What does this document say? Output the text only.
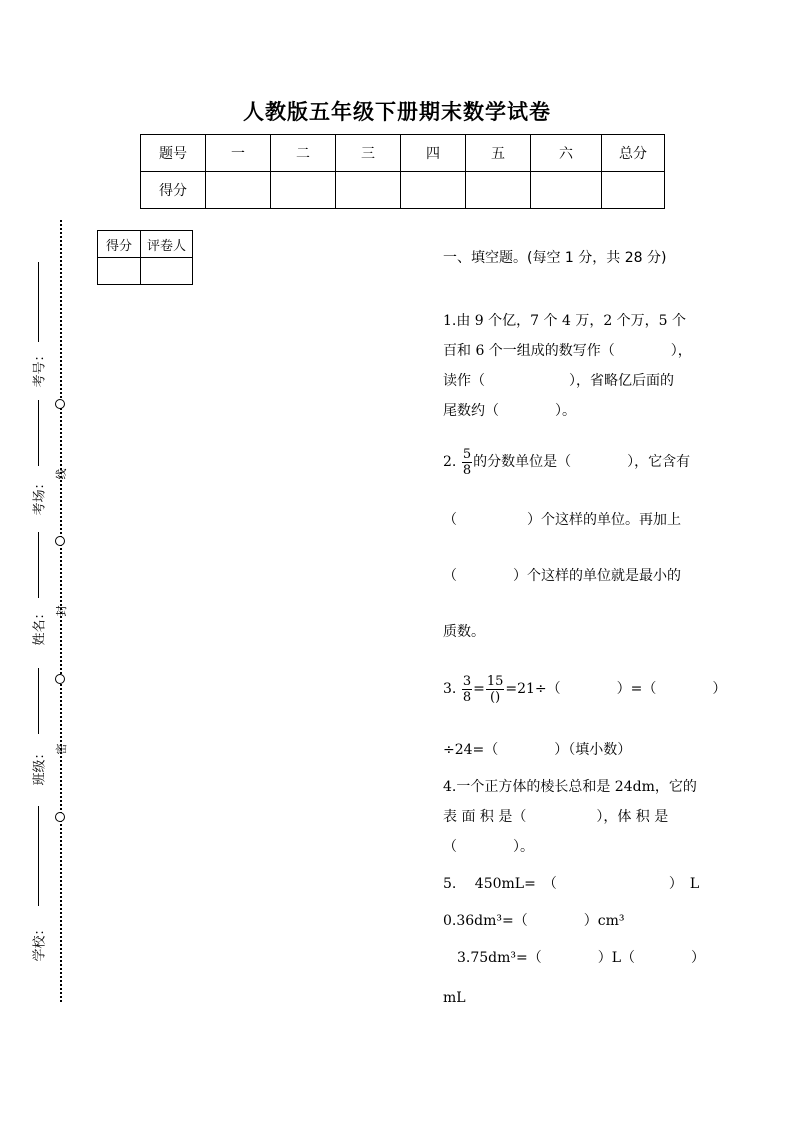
人教版五年级下册期末数学试卷
题号	一	二	三	四	五	六	总分
得分							
得分	评卷人

线
封
密
考号：
考场：
姓名：
班级：
学校：
一、填空题。(每空 1 分，共 28 分)
1.由 9 个亿，7 个 4 万，2 个万，5 个
百和 6 个一组成的数写作（　　　　），
读作（　　　　　　），省略亿后面的
尾数约（　　　　）。
2. $\frac{5}{8}$ 的分数单位是（　　　　），它含有
（　　　　　）个这样的单位。再加上
（　　　　）个这样的单位就是最小的
质数。
3. $\frac{3}{8} = \frac{15}{()} =21\div$（　　　　）=（　　　　）
÷24=（　　　　）（填小数）
4.一个正方体的棱长总和是 24dm，它的
表 面 积 是（　　　　　），体 积 是
（　　　　）。
5.　 450mL=　（　　　　　　　　）　L
0.36dm³=（　　　　）cm³
　3.75dm³=（　　　　）L（　　　　）
mL
